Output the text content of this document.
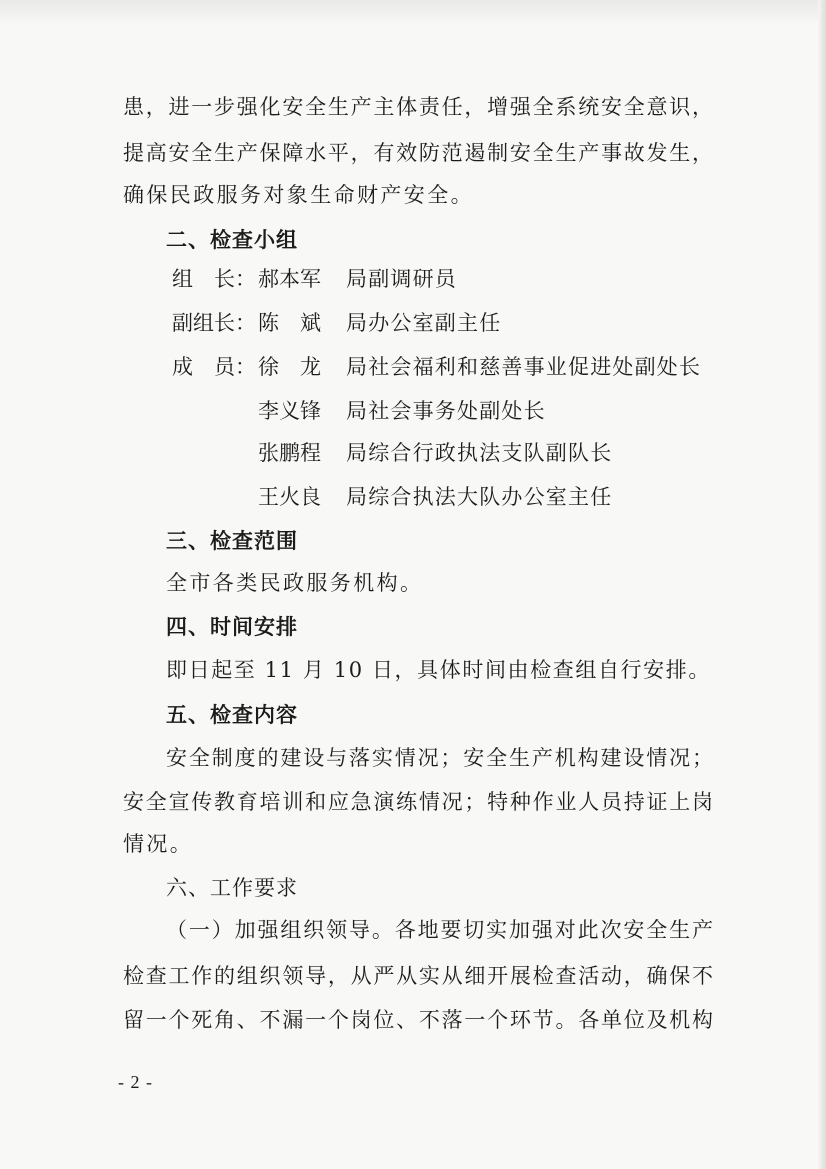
患，进一步强化安全生产主体责任，增强全系统安全意识，
提高安全生产保障水平，有效防范遏制安全生产事故发生，
确保民政服务对象生命财产安全。
二、检查小组
组　长： 郝本军 局副调研员
副组长： 陈　斌 局办公室副主任
成　员： 徐　龙 局社会福利和慈善事业促进处副处长
李义锋 局社会事务处副处长
张鹏程 局综合行政执法支队副队长
王火良 局综合执法大队办公室主任
三、检查范围
全市各类民政服务机构。
四、时间安排
即日起至 11 月 10 日，具体时间由检查组自行安排。
五、检查内容
安全制度的建设与落实情况；安全生产机构建设情况；
安全宣传教育培训和应急演练情况；特种作业人员持证上岗
情况。
六、工作要求
（一）加强组织领导。各地要切实加强对此次安全生产
检查工作的组织领导，从严从实从细开展检查活动，确保不
留一个死角、不漏一个岗位、不落一个环节。各单位及机构
- 2 -
